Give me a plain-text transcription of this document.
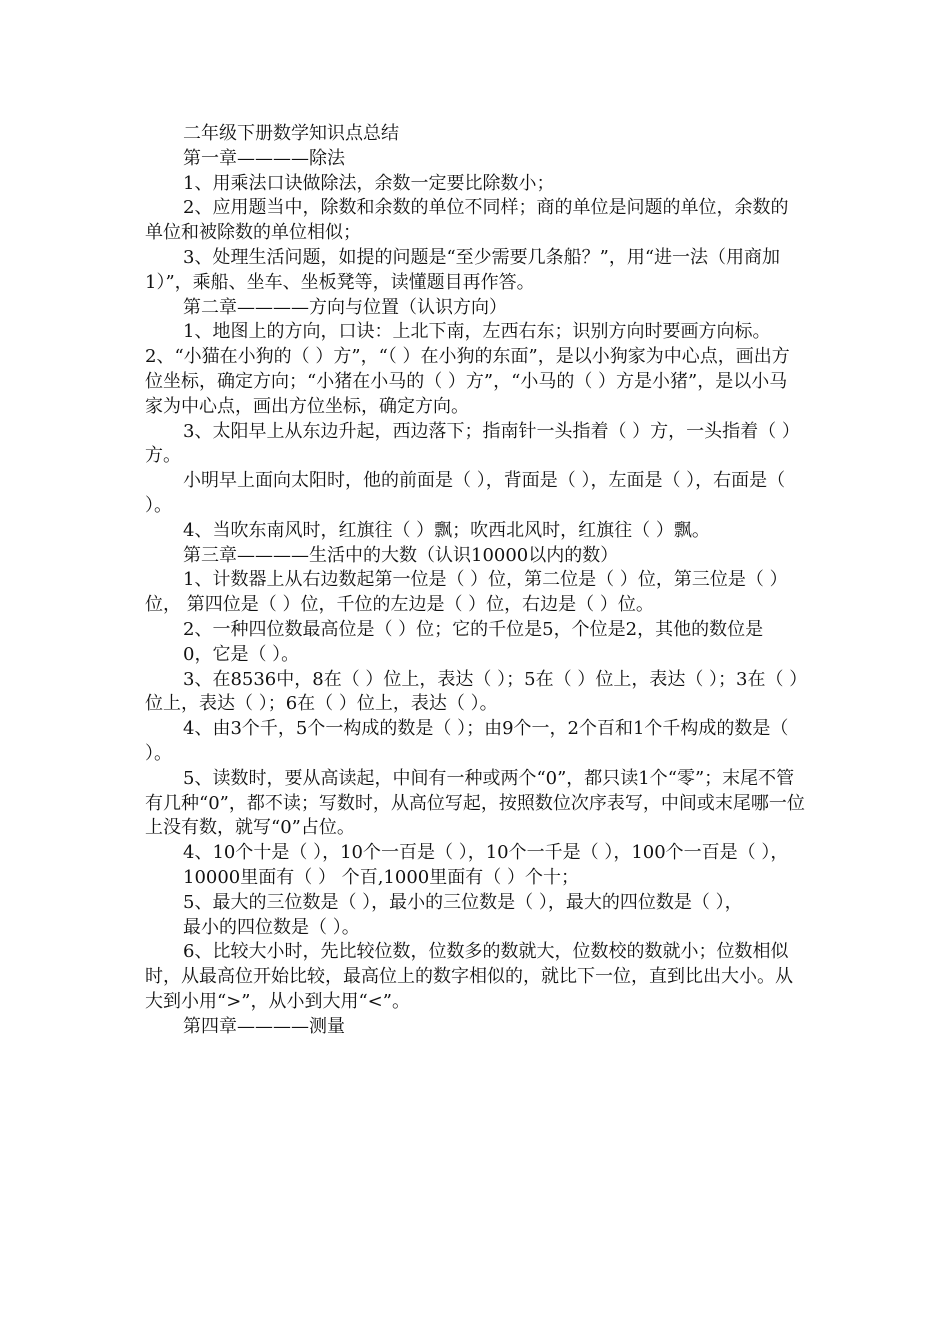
二年级下册数学知识点总结

第一章————除法

1、用乘法口诀做除法，余数一定要比除数小；

2、应用题当中，除数和余数的单位不同样；商的单位是问题的单位，余数的单位和被除数的单位相似；

3、处理生活问题，如提的问题是“至少需要几条船？”，用“进一法（用商加1）”，乘船、坐车、坐板凳等，读懂题目再作答。

第二章————方向与位置（认识方向）

1、地图上的方向，口诀：上北下南，左西右东；识别方向时要画方向标。 2、“小猫在小狗的（ ）方”，“（ ）在小狗的东面”，是以小狗家为中心点，画出方位坐标，确定方向；“小猪在小马的（ ）方”，“小马的（ ）方是小猪”，是以小马家为中心点，画出方位坐标，确定方向。

3、太阳早上从东边升起，西边落下；指南针一头指着（ ）方，一头指着（ ）方。

小明早上面向太阳时，他的前面是（ ），背面是（ ），左面是（ ），右面是（ ）。

4、当吹东南风时，红旗往（ ）飘；吹西北风时，红旗往（ ）飘。

第三章————生活中的大数（认识10000以内的数）

1、计数器上从右边数起第一位是（ ）位，第二位是（ ）位，第三位是（ ）位， 第四位是（ ）位，千位的左边是（ ）位，右边是（ ）位。

2、一种四位数最高位是（ ）位；它的千位是5，个位是2，其他的数位是

0，它是（ ）。

3、在8536中，8在（ ）位上，表达（ ）；5在（ ）位上，表达（ ）；3在（ ）位上，表达（ ）；6在（ ）位上，表达（ ）。

4、由3个千，5个一构成的数是（ ）；由9个一，2个百和1个千构成的数是（ ）。

5、读数时，要从高读起，中间有一种或两个“0”，都只读1个“零”；末尾不管有几种“0”，都不读；写数时，从高位写起，按照数位次序表写，中间或末尾哪一位上没有数，就写“0”占位。

4、10个十是（ ），10个一百是（ ），10个一千是（ ），100个一百是（ ），

10000里面有（ ） 个百,1000里面有（ ）个十；

5、最大的三位数是（ ），最小的三位数是（ ），最大的四位数是（ ），

最小的四位数是（ ）。

6、比较大小时，先比较位数，位数多的数就大，位数校的数就小；位数相似时，从最高位开始比较，最高位上的数字相似的，就比下一位，直到比出大小。从大到小用“>”，从小到大用“<”。

第四章————测量
